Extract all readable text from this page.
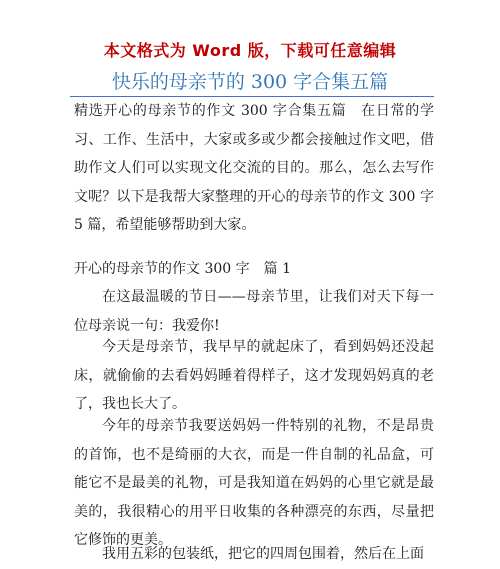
本文格式为 Word 版，下载可任意编辑
快乐的母亲节的 300 字合集五篇

精选开心的母亲节的作文 300 字合集五篇　在日常的学习、工作、生活中，大家或多或少都会接触过作文吧，借助作文人们可以实现文化交流的目的。那么，怎么去写作文呢？以下是我帮大家整理的开心的母亲节的作文 300 字 5 篇，希望能够帮助到大家。

开心的母亲节的作文 300 字　篇 1

在这最温暖的节日——母亲节里，让我们对天下每一位母亲说一句：我爱你!

今天是母亲节，我早早的就起床了，看到妈妈还没起床，就偷偷的去看妈妈睡着得样子，这才发现妈妈真的老了，我也长大了。

今年的母亲节我要送妈妈一件特别的礼物，不是昂贵的首饰，也不是绮丽的大衣，而是一件自制的礼品盒，可能它不是最美的礼物，可是我知道在妈妈的心里它就是最美的，我很精心的用平日收集的各种漂亮的东西，尽量把它修饰的更美。

我用五彩的包装纸，把它的四周包围着，然后在上面
